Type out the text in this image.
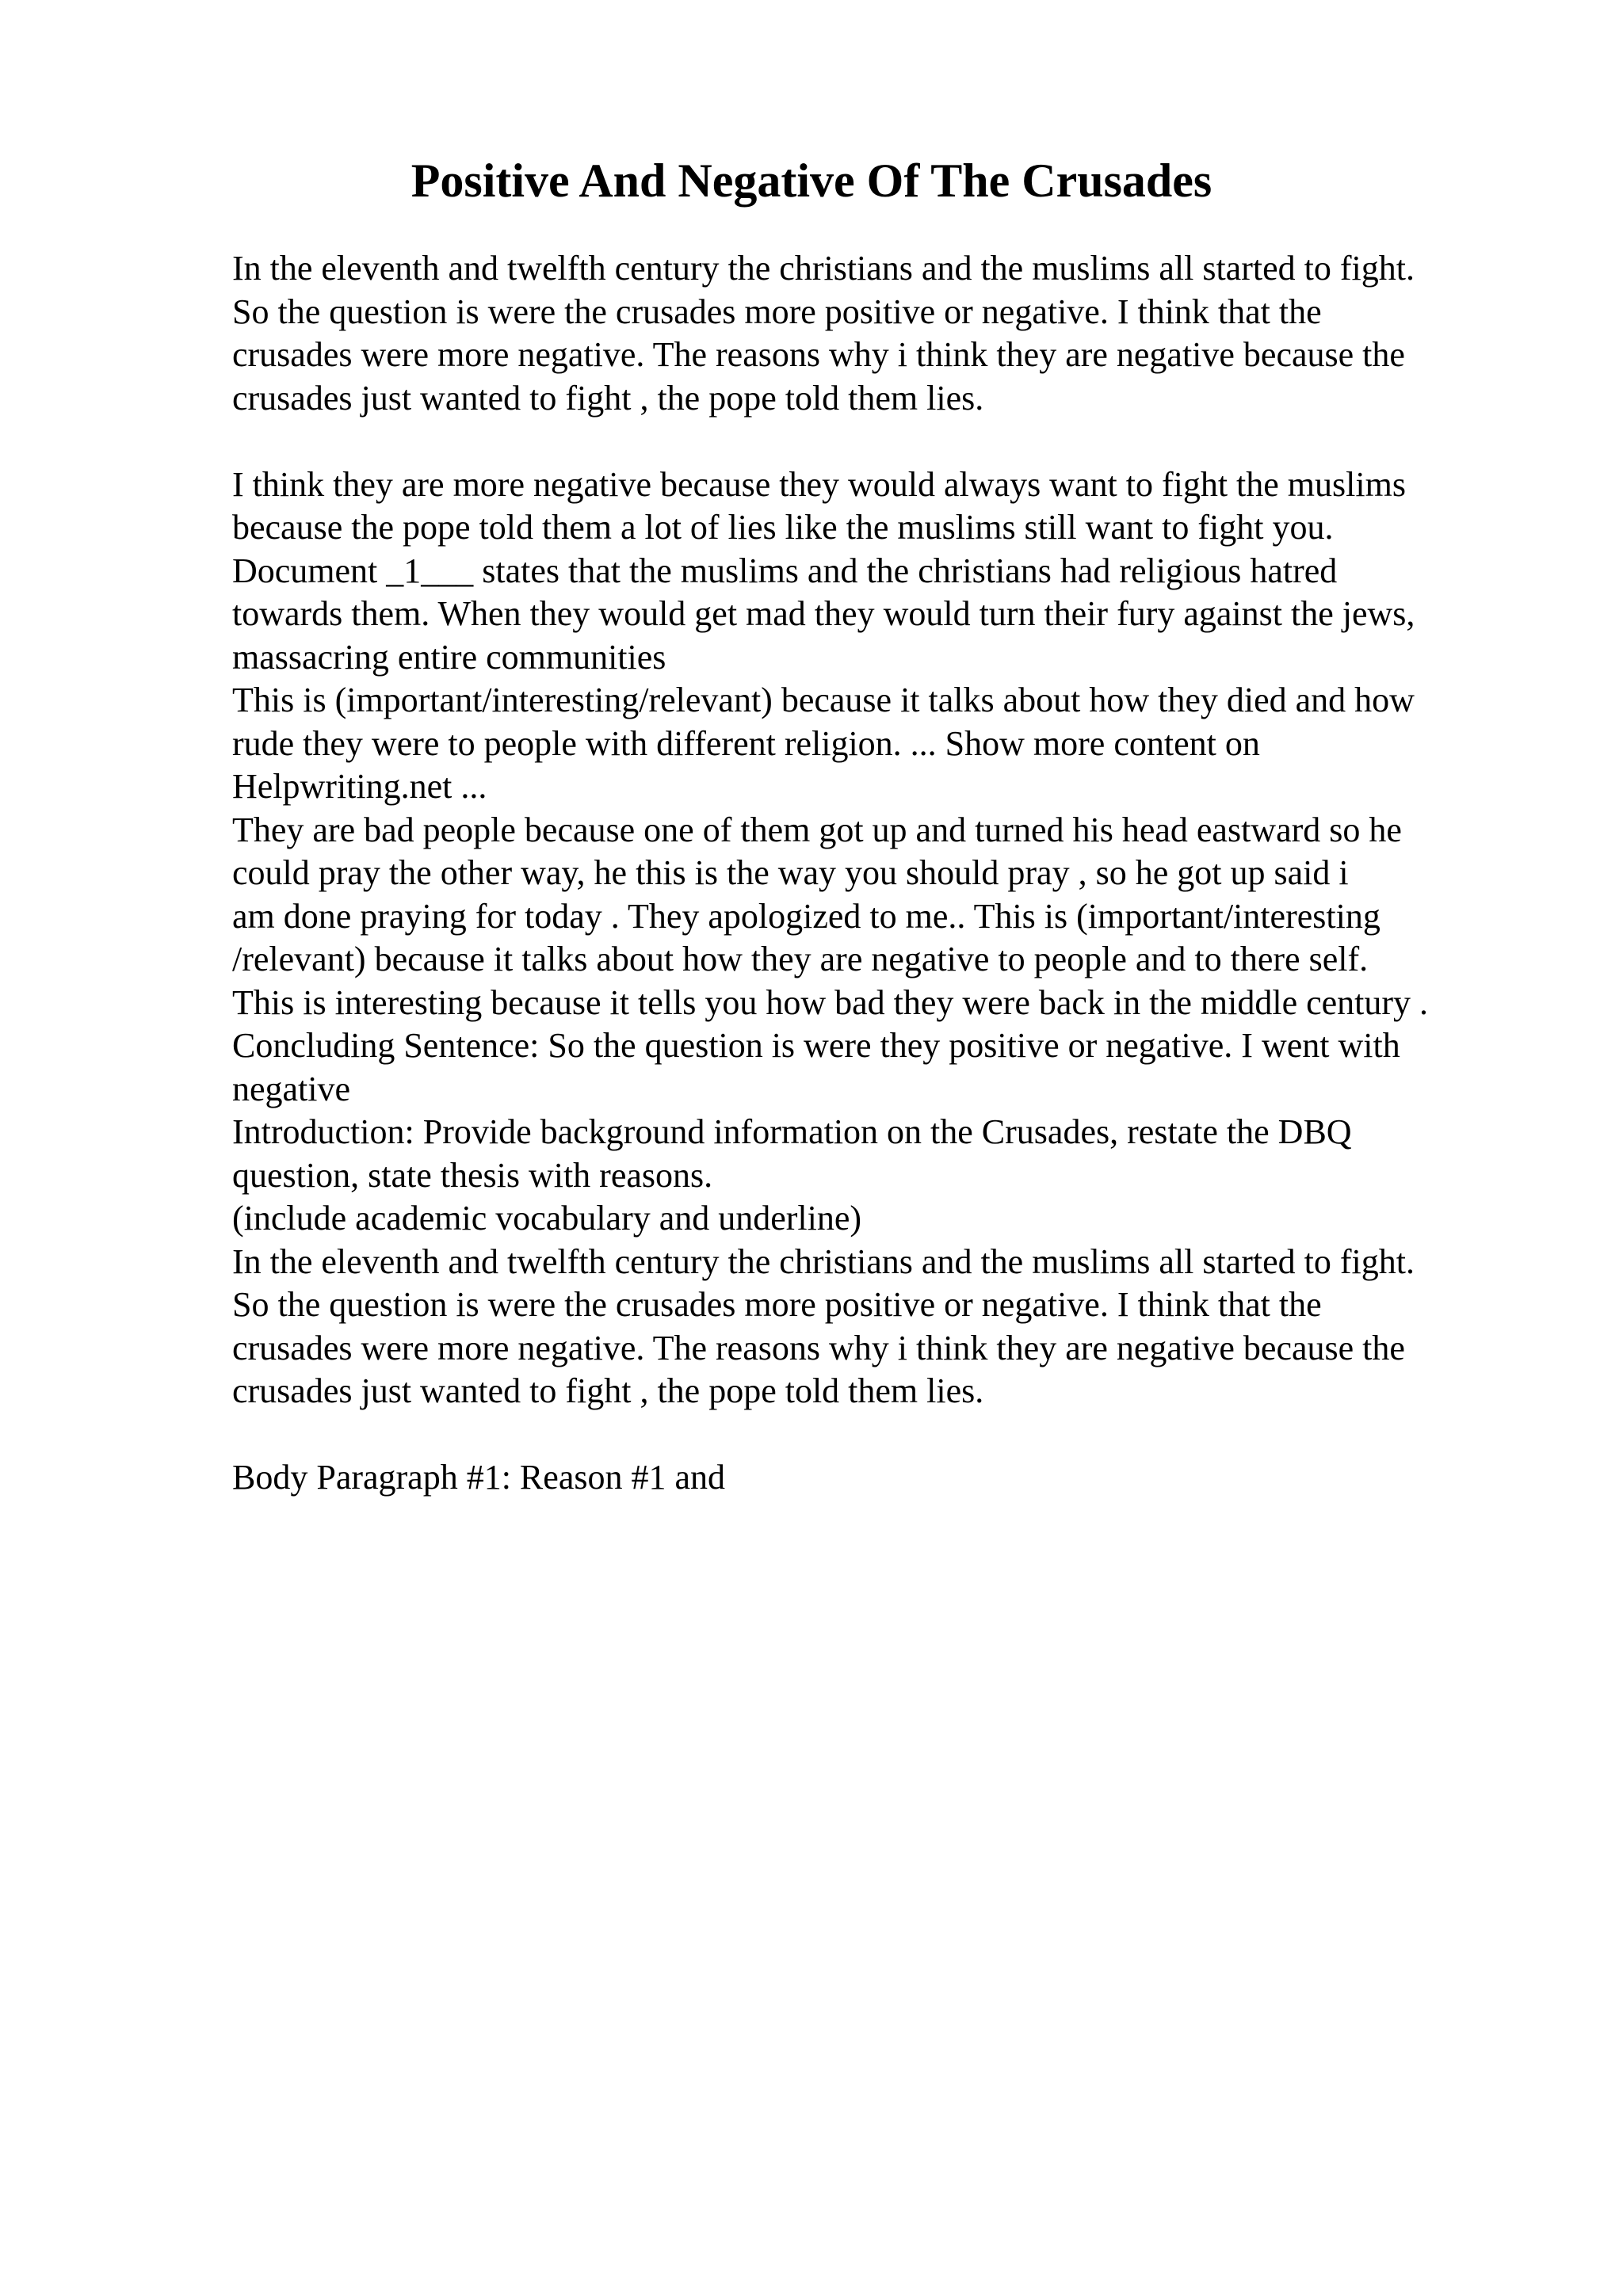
Positive And Negative Of The Crusades
In the eleventh and twelfth century the christians and the muslims all started to fight.
So the question is were the crusades more positive or negative. I think that the
crusades were more negative. The reasons why i think they are negative because the
crusades just wanted to fight , the pope told them lies.
I think they are more negative because they would always want to fight the muslims
because the pope told them a lot of lies like the muslims still want to fight you.
Document _1___ states that the muslims and the christians had religious hatred
towards them. When they would get mad they would turn their fury against the jews,
massacring entire communities
This is (important/interesting/relevant) because it talks about how they died and how
rude they were to people with different religion. ... Show more content on
Helpwriting.net ...
They are bad people because one of them got up and turned his head eastward so he
could pray the other way, he this is the way you should pray , so he got up said i
am done praying for today . They apologized to me.. This is (important/interesting
/relevant) because it talks about how they are negative to people and to there self.
This is interesting because it tells you how bad they were back in the middle century .
Concluding Sentence: So the question is were they positive or negative. I went with
negative
Introduction: Provide background information on the Crusades, restate the DBQ
question, state thesis with reasons.
(include academic vocabulary and underline)
In the eleventh and twelfth century the christians and the muslims all started to fight.
So the question is were the crusades more positive or negative. I think that the
crusades were more negative. The reasons why i think they are negative because the
crusades just wanted to fight , the pope told them lies.
Body Paragraph #1: Reason #1 and
